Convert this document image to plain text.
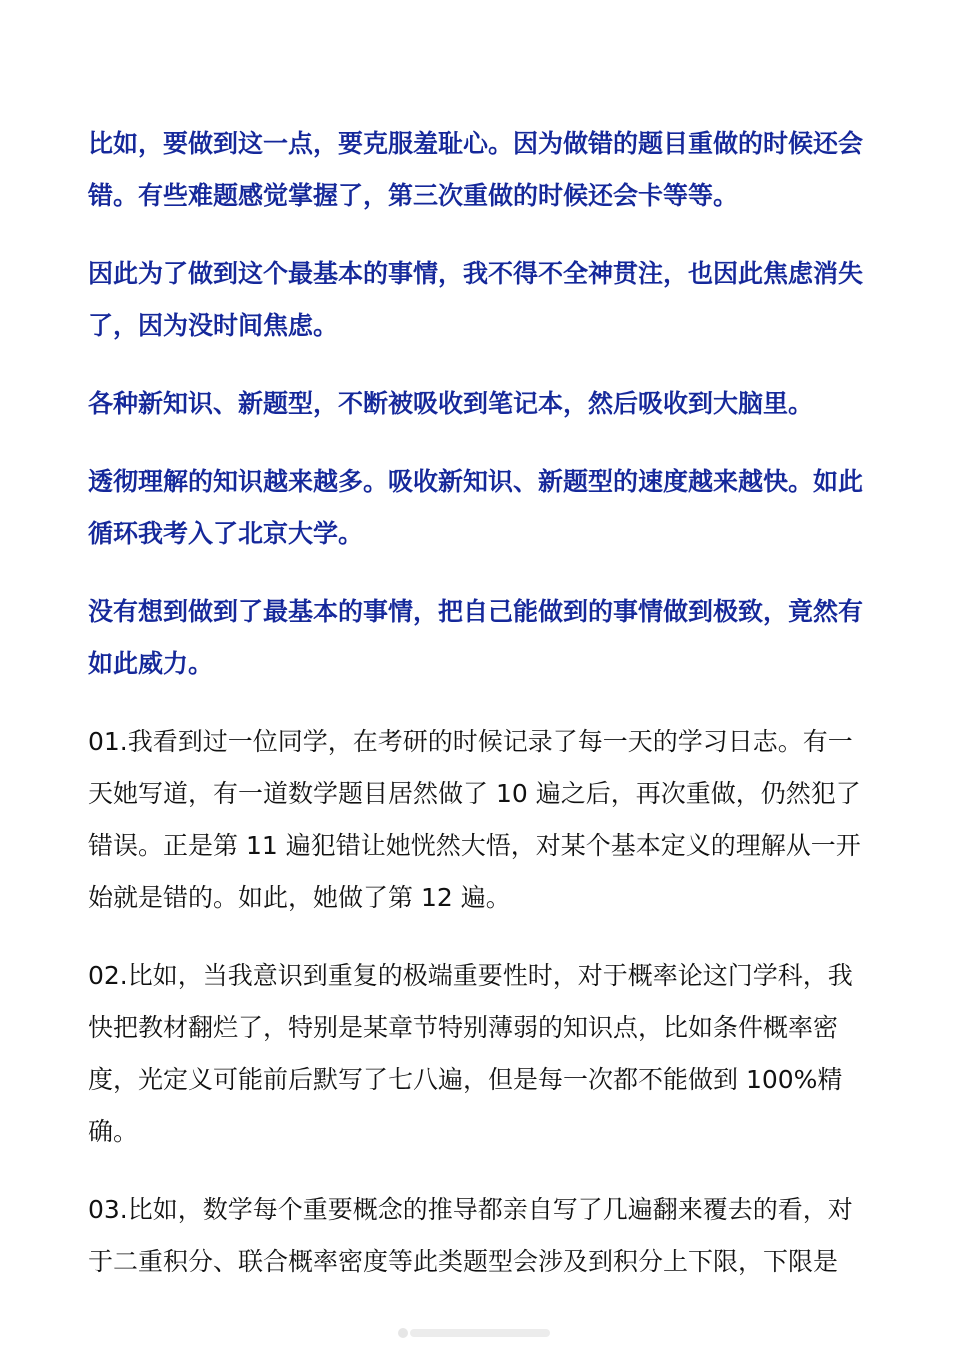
比如，要做到这一点，要克服羞耻心。因为做错的题目重做的时候还会错。有些难题感觉掌握了，第三次重做的时候还会卡等等。

因此为了做到这个最基本的事情，我不得不全神贯注，也因此焦虑消失了，因为没时间焦虑。

各种新知识、新题型，不断被吸收到笔记本，然后吸收到大脑里。

透彻理解的知识越来越多。吸收新知识、新题型的速度越来越快。如此循环我考入了北京大学。

没有想到做到了最基本的事情，把自己能做到的事情做到极致，竟然有如此威力。

01.我看到过一位同学，在考研的时候记录了每一天的学习日志。有一天她写道，有一道数学题目居然做了 10 遍之后，再次重做，仍然犯了错误。正是第 11 遍犯错让她恍然大悟，对某个基本定义的理解从一开始就是错的。如此，她做了第 12 遍。

02.比如，当我意识到重复的极端重要性时，对于概率论这门学科，我快把教材翻烂了，特别是某章节特别薄弱的知识点，比如条件概率密度，光定义可能前后默写了七八遍，但是每一次都不能做到 100%精确。

03.比如，数学每个重要概念的推导都亲自写了几遍翻来覆去的看，对于二重积分、联合概率密度等此类题型会涉及到积分上下限，下限是
